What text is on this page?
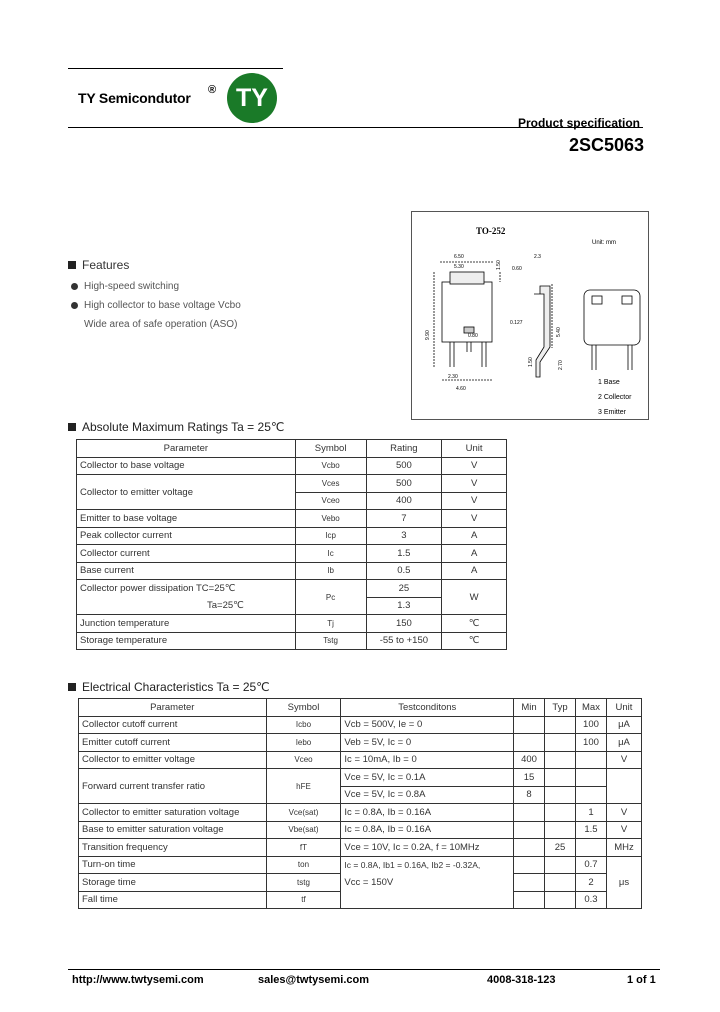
TY Semicondutor ® TY
Product specification
2SC5063
Features
High-speed switching
High collector to base voltage Vcbo
Wide area of safe operation (ASO)
TO-252
Unit: mm
6.50
5.30	1.50
0.80
2.30
9.90
4.60
0.127
1.50
0.60
2.3
5.40
2.70
1 Base
2 Collector
3 Emitter
Absolute Maximum Ratings Ta = 25℃
Parameter	Symbol	Rating	Unit
Collector to base voltage	Vcbo	500	V
Collector to emitter voltage	Vces	500	V
	Vceo	400	V
Emitter to base voltage	Vebo	7	V
Peak collector current	Icp	3	A
Collector current	Ic	1.5	A
Base current	Ib	0.5	A
Collector power dissipation TC=25℃	Pc	25	W
Ta=25℃		1.3	
Junction temperature	Tj	150	℃
Storage temperature	Tstg	-55 to +150	℃
Electrical Characteristics Ta = 25℃
Parameter	Symbol	Testconditons	Min	Typ	Max	Unit
Collector cutoff current	Icbo	Vcb = 500V, Ie = 0			100	μA
Emitter cutoff current	Iebo	Veb = 5V, Ic = 0			100	μA
Collector to emitter voltage	Vceo	Ic = 10mA, Ib = 0	400			V
Forward current transfer ratio	hFE	Vce = 5V, Ic = 0.1A	15			
		Vce = 5V, Ic = 0.8A	8			
Collector to emitter saturation voltage	Vce(sat)	Ic = 0.8A, Ib = 0.16A			1	V
Base to emitter saturation voltage	Vbe(sat)	Ic = 0.8A, Ib = 0.16A			1.5	V
Transition frequency	fT	Vce = 10V, Ic = 0.2A, f = 10MHz		25		MHz
Turn-on time	ton	Ic = 0.8A, Ib1 = 0.16A, Ib2 = -0.32A,			0.7	μs
Storage time	tstg	Vcc = 150V			2	
Fall time	tf				0.3	
http://www.twtysemi.com	sales@twtysemi.com	4008-318-123	1 of 1
